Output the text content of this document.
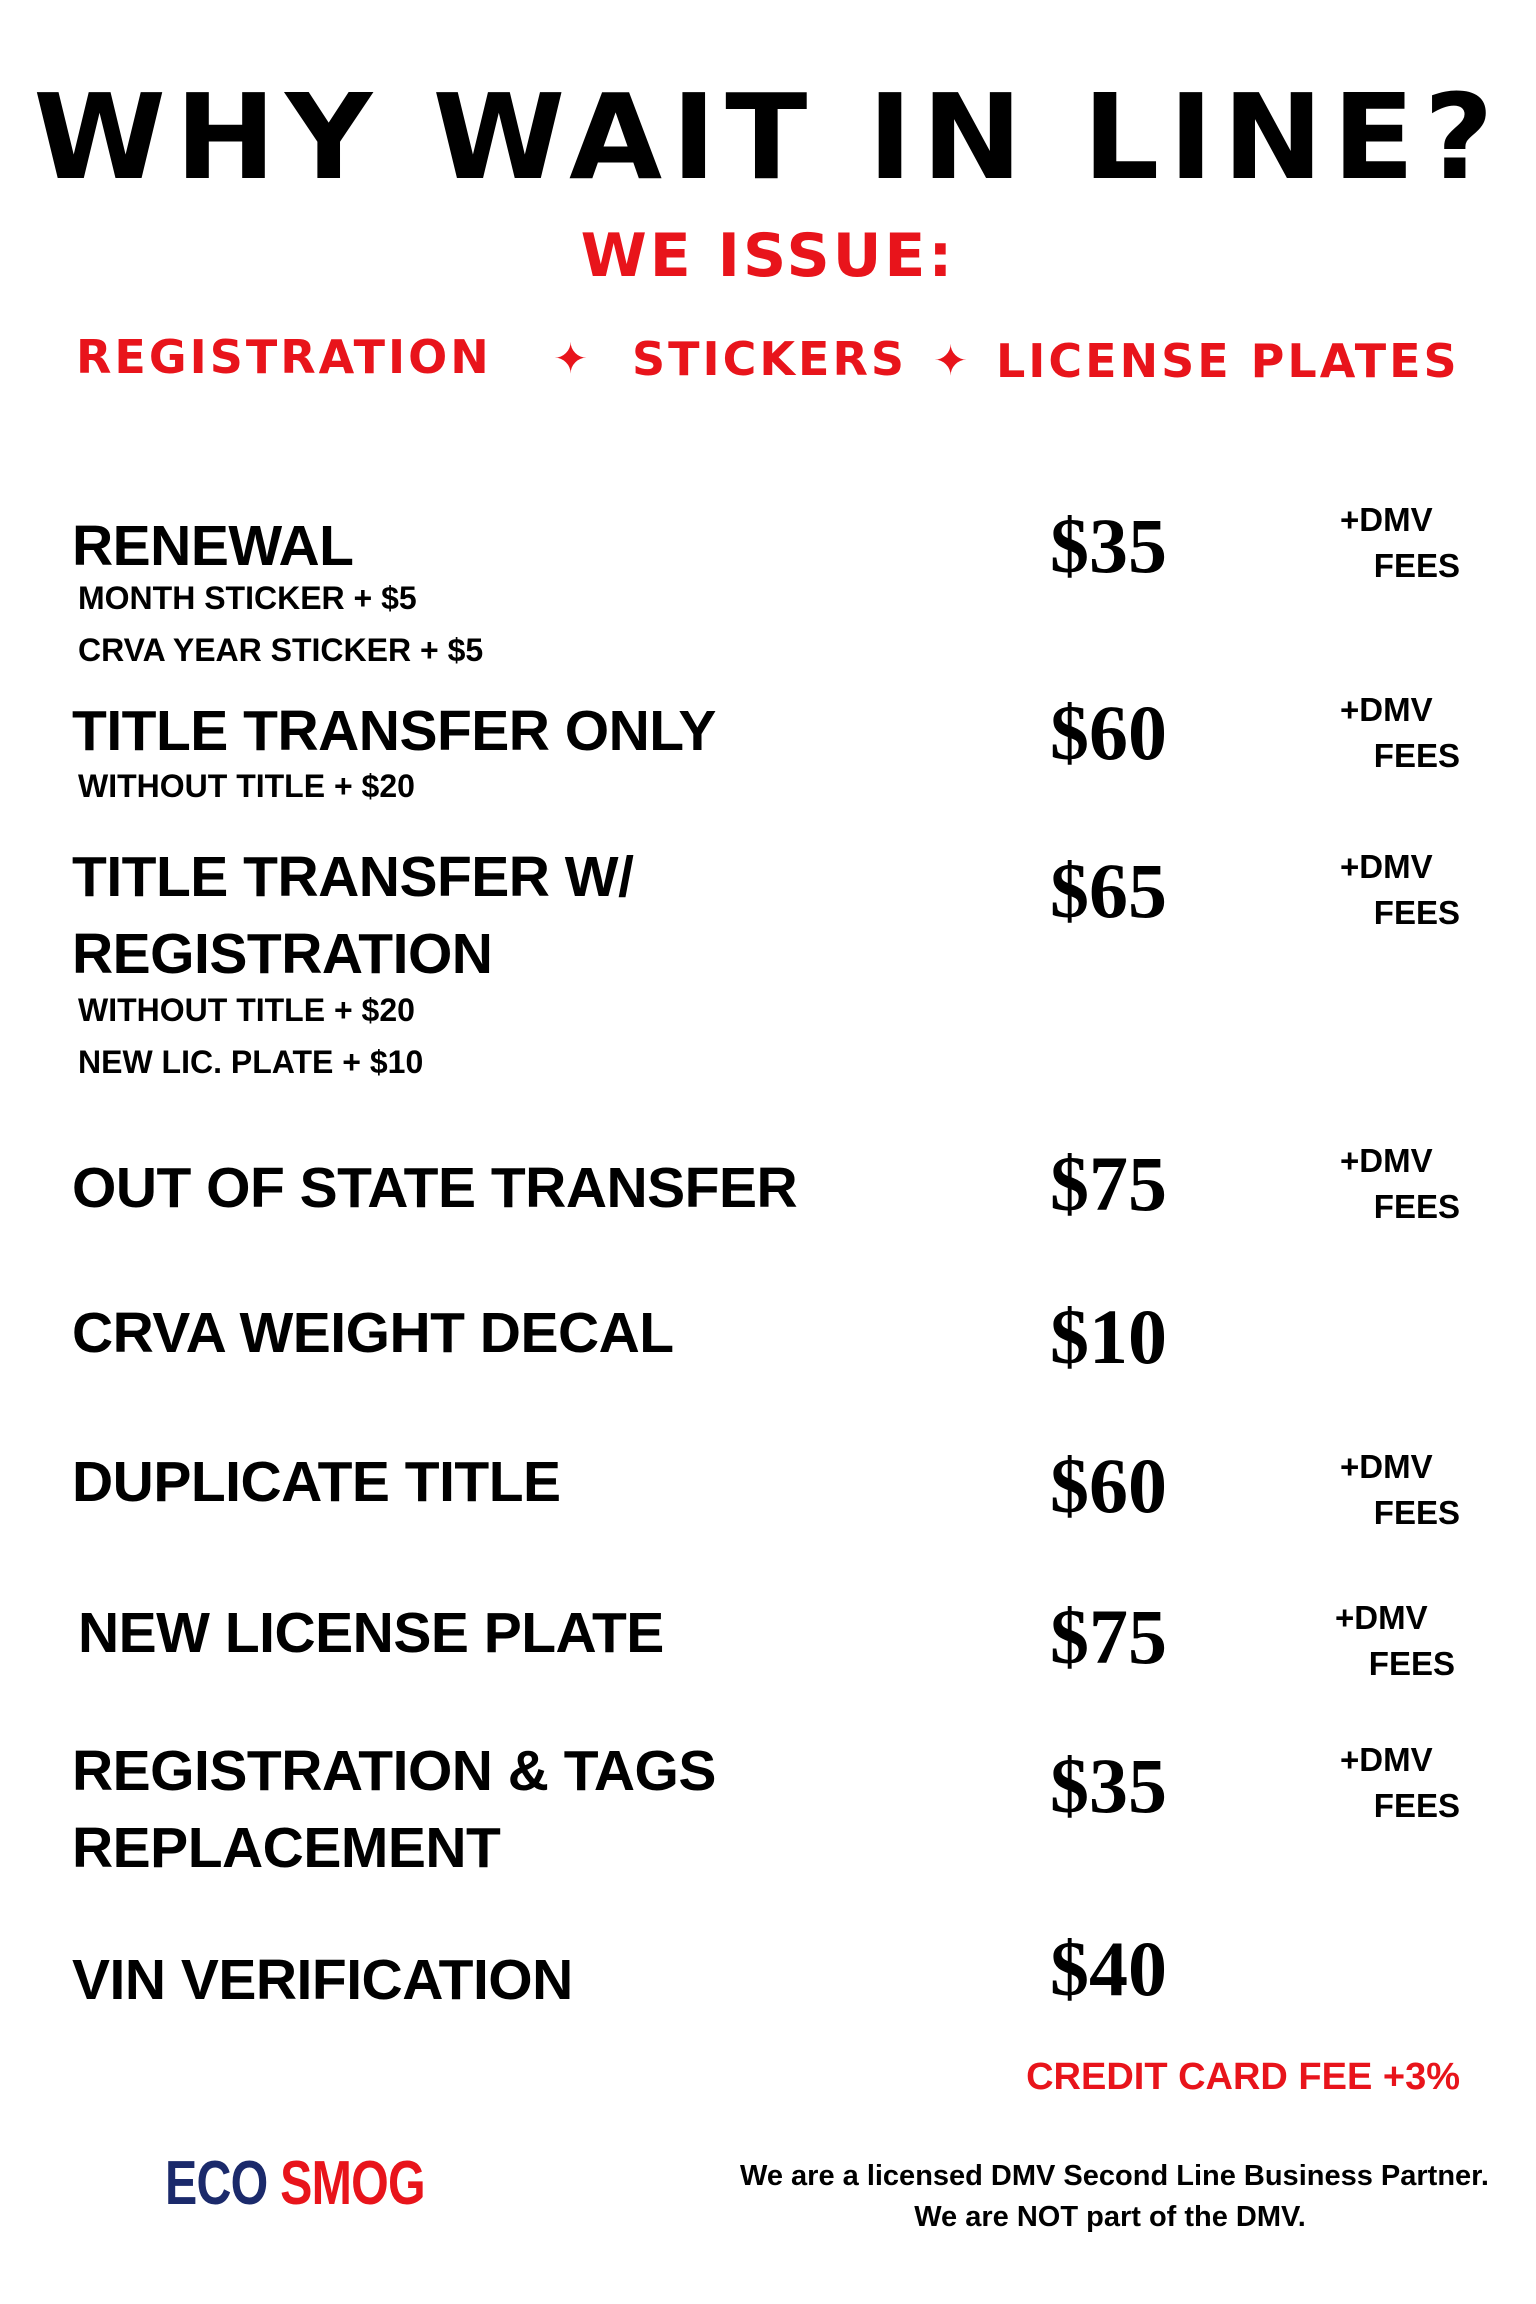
WHY WAIT IN LINE?
WE ISSUE:
REGISTRATION ✦ STICKERS ✦ LICENSE PLATES
RENEWAL
MONTH STICKER + $5
CRVA YEAR STICKER + $5
$35	+DMV
FEES
TITLE TRANSFER ONLY
WITHOUT TITLE + $20
$60	+DMV
FEES
TITLE TRANSFER W/
REGISTRATION
WITHOUT TITLE + $20
NEW LIC. PLATE + $10
$65	+DMV
FEES
OUT OF STATE TRANSFER	$75	+DMV
FEES
CRVA WEIGHT DECAL	$10
DUPLICATE TITLE	$60	+DMV
FEES
NEW LICENSE PLATE	$75	+DMV
FEES
REGISTRATION & TAGS
REPLACEMENT
$35	+DMV
FEES
VIN VERIFICATION	$40
CREDIT CARD FEE +3%
ECO SMOG	We are a licensed DMV Second Line Business Partner.
We are NOT part of the DMV.
